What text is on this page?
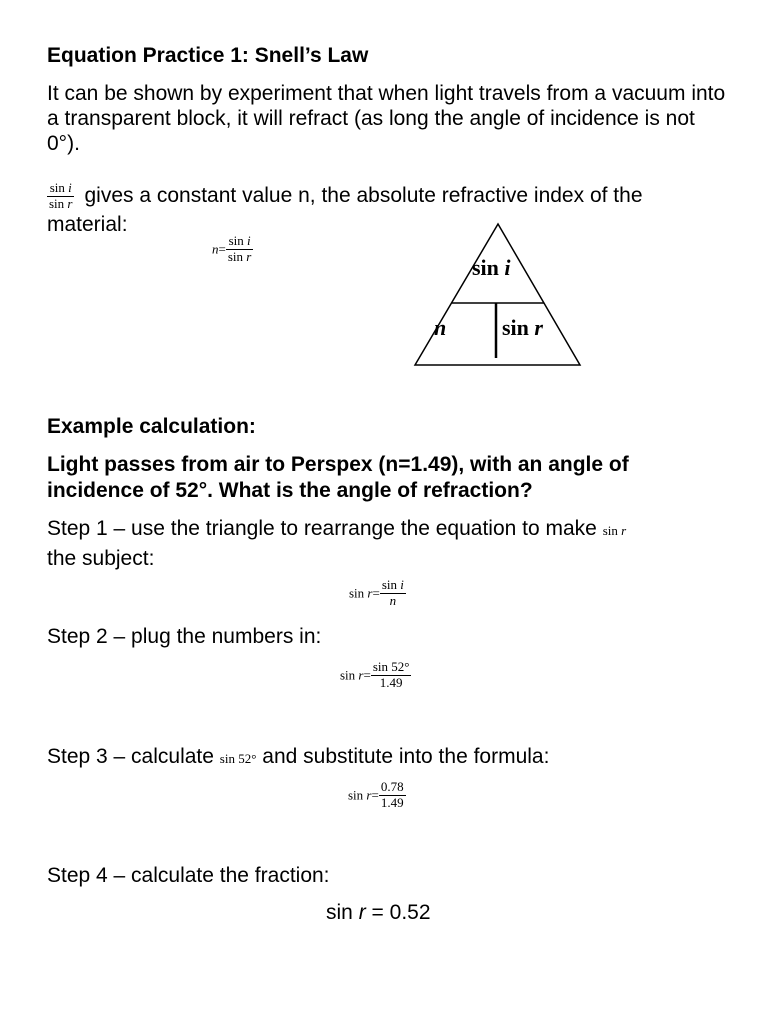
Equation Practice 1: Snell’s Law
It can be shown by experiment that when light travels from a vacuum into a transparent block, it will refract (as long the angle of incidence is not 0°).
$\frac{\text{sin i}}{\text{sin r}}$ gives a constant value n, the absolute refractive index of the material:
$n= \frac{\text{sin i}}{\text{sin r}}$
sin i
n	sin r
Example calculation:
Light passes from air to Perspex (n=1.49), with an angle of incidence of 52°. What is the angle of refraction?
Step 1 – use the triangle to rearrange the equation to make sin r
the subject:
$\sin r= \frac{\text{sin i}}{n}$
Step 2 – plug the numbers in:
$\sin r= \frac{\sin 52^\circ}{1.49}$
Step 3 – calculate sin 52° and substitute into the formula:
$\sin r= \frac{0.78}{1.49}$
Step 4 – calculate the fraction:
sin r = 0.52
